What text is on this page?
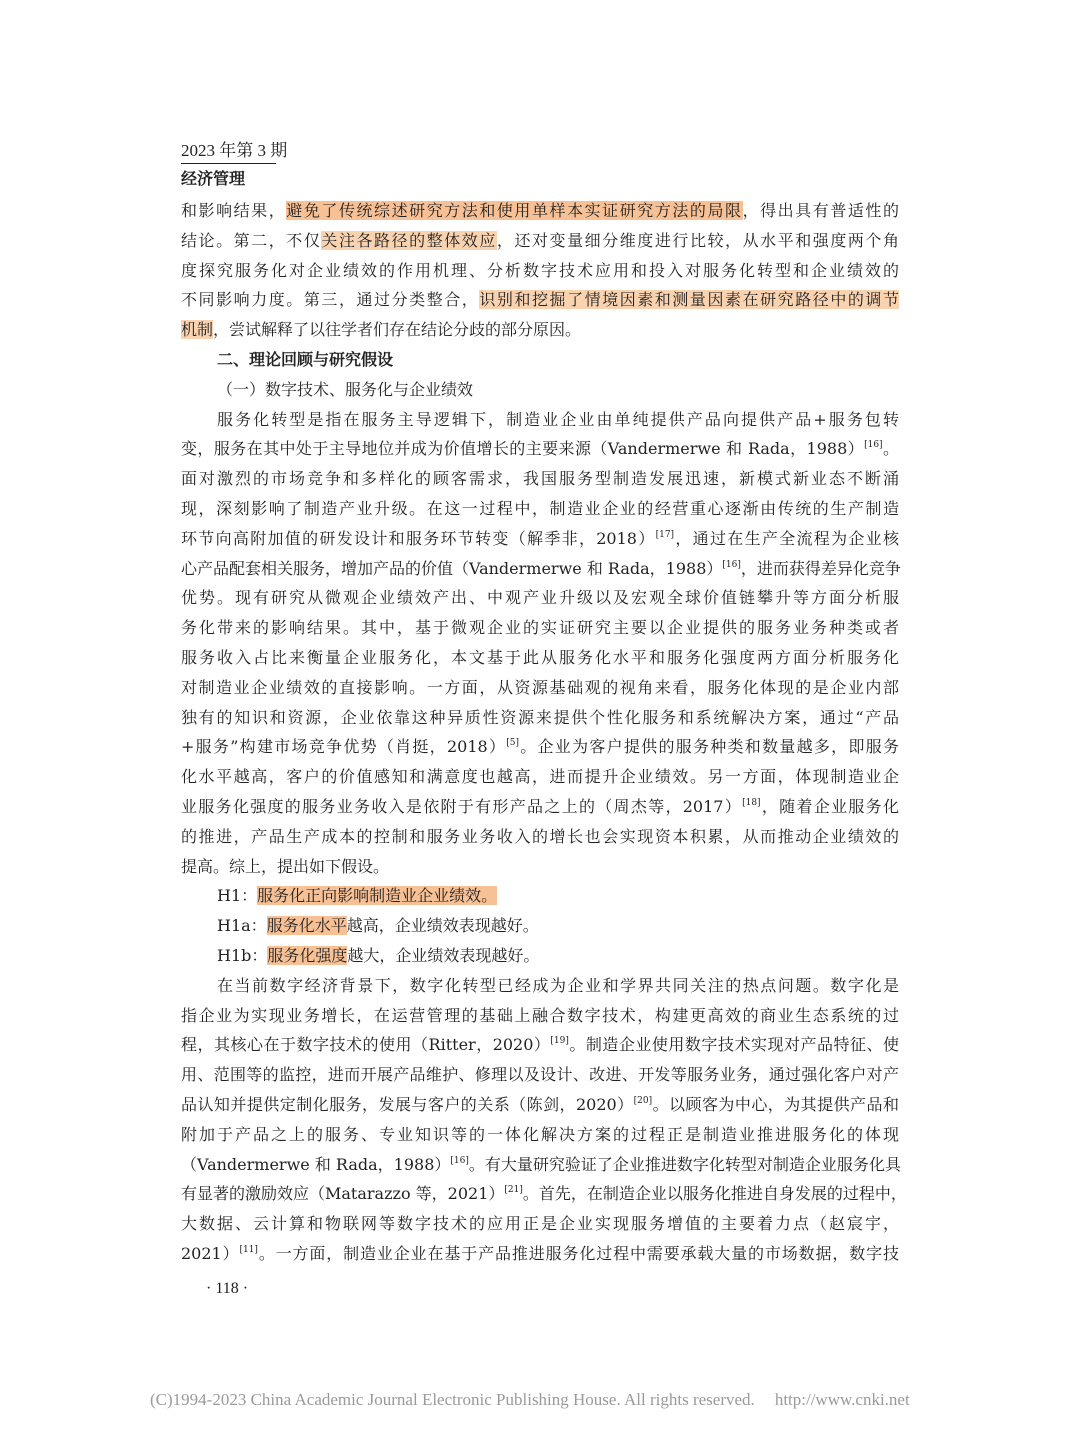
2023 年第 3 期
经济管理
和影响结果，避免了传统综述研究方法和使用单样本实证研究方法的局限，得出具有普适性的
结论。第二，不仅关注各路径的整体效应，还对变量细分维度进行比较，从水平和强度两个角
度探究服务化对企业绩效的作用机理、分析数字技术应用和投入对服务化转型和企业绩效的
不同影响力度。第三，通过分类整合，识别和挖掘了情境因素和测量因素在研究路径中的调节
机制，尝试解释了以往学者们存在结论分歧的部分原因。
二、理论回顾与研究假设
（一）数字技术、服务化与企业绩效
服务化转型是指在服务主导逻辑下，制造业企业由单纯提供产品向提供产品+服务包转
变，服务在其中处于主导地位并成为价值增长的主要来源（Vandermerwe 和 Rada，1988）[16]。
面对激烈的市场竞争和多样化的顾客需求，我国服务型制造发展迅速，新模式新业态不断涌
现，深刻影响了制造产业升级。在这一过程中，制造业企业的经营重心逐渐由传统的生产制造
环节向高附加值的研发设计和服务环节转变（解季非，2018）[17]，通过在生产全流程为企业核
心产品配套相关服务，增加产品的价值（Vandermerwe 和 Rada，1988）[16]，进而获得差异化竞争
优势。现有研究从微观企业绩效产出、中观产业升级以及宏观全球价值链攀升等方面分析服
务化带来的影响结果。其中，基于微观企业的实证研究主要以企业提供的服务业务种类或者
服务收入占比来衡量企业服务化，本文基于此从服务化水平和服务化强度两方面分析服务化
对制造业企业绩效的直接影响。一方面，从资源基础观的视角来看，服务化体现的是企业内部
独有的知识和资源，企业依靠这种异质性资源来提供个性化服务和系统解决方案，通过“产品
+服务”构建市场竞争优势（肖挺，2018）[5]。企业为客户提供的服务种类和数量越多，即服务
化水平越高，客户的价值感知和满意度也越高，进而提升企业绩效。另一方面，体现制造业企
业服务化强度的服务业务收入是依附于有形产品之上的（周杰等，2017）[18]，随着企业服务化
的推进，产品生产成本的控制和服务业务收入的增长也会实现资本积累，从而推动企业绩效的
提高。综上，提出如下假设。
H1：服务化正向影响制造业企业绩效。
H1a：服务化水平越高，企业绩效表现越好。
H1b：服务化强度越大，企业绩效表现越好。
在当前数字经济背景下，数字化转型已经成为企业和学界共同关注的热点问题。数字化是
指企业为实现业务增长，在运营管理的基础上融合数字技术，构建更高效的商业生态系统的过
程，其核心在于数字技术的使用（Ritter，2020）[19]。制造企业使用数字技术实现对产品特征、使
用、范围等的监控，进而开展产品维护、修理以及设计、改进、开发等服务业务，通过强化客户对产
品认知并提供定制化服务，发展与客户的关系（陈剑，2020）[20]。以顾客为中心，为其提供产品和
附加于产品之上的服务、专业知识等的一体化解决方案的过程正是制造业推进服务化的体现
（Vandermerwe 和 Rada，1988）[16]。有大量研究验证了企业推进数字化转型对制造企业服务化具
有显著的激励效应（Matarazzo 等，2021）[21]。首先，在制造企业以服务化推进自身发展的过程中，
大数据、云计算和物联网等数字技术的应用正是企业实现服务增值的主要着力点（赵宸宇，
2021）[11]。一方面，制造业企业在基于产品推进服务化过程中需要承载大量的市场数据，数字技
· 118 ·
(C)1994-2023 China Academic Journal Electronic Publishing House. All rights reserved. http://www.cnki.net
